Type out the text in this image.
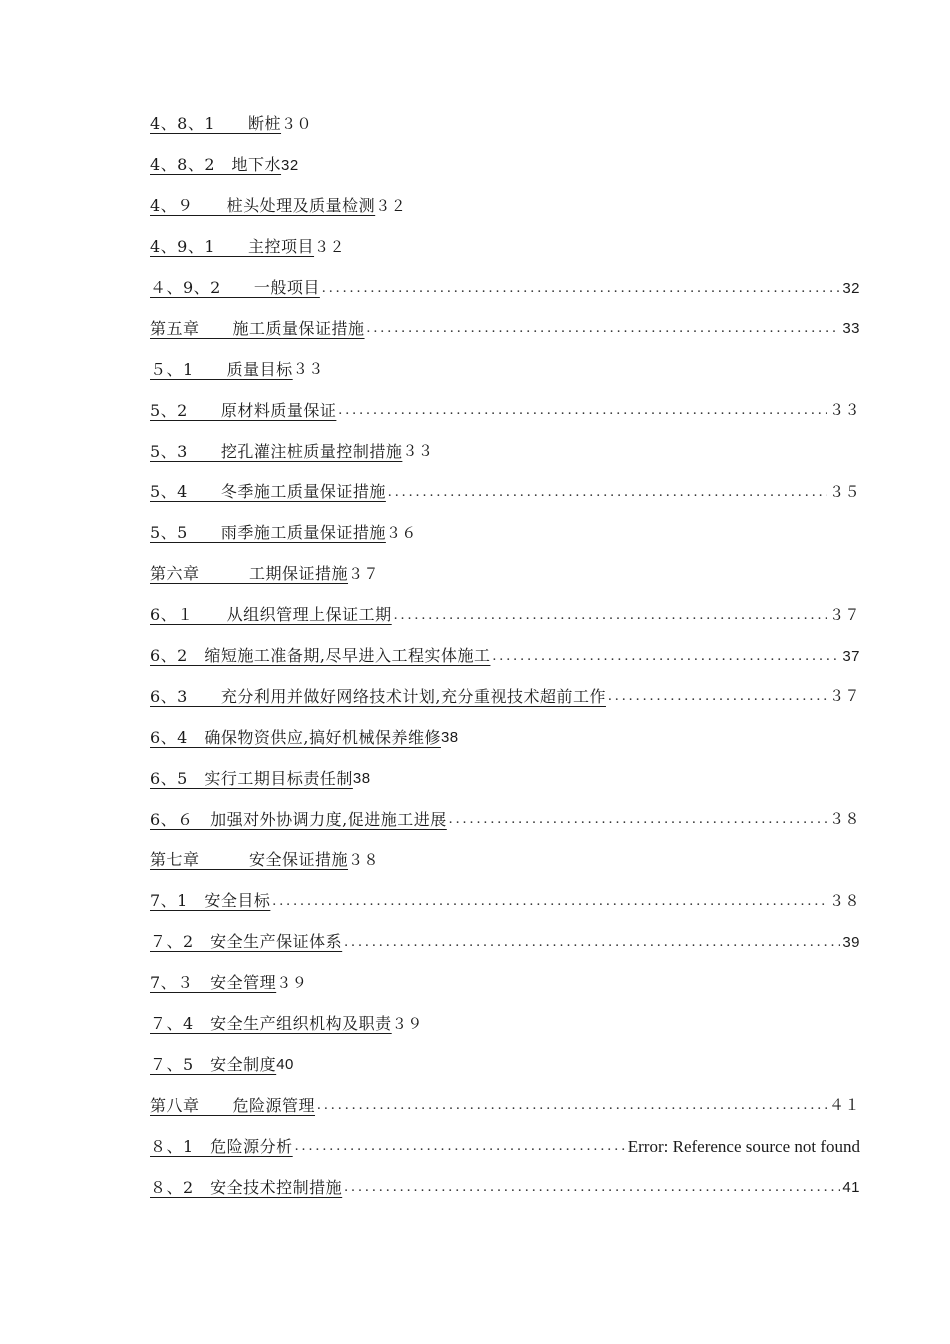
4、8、1　　断桩 ３０
4、8、2　地下水 32
4、９　　桩头处理及质量检测 ３２
4、9、1　　主控项目 ３２
４、9、2　　一般项目 .....	32
第五章　　施工质量保证措施 .....	33
５、1　　质量目标 ３３
5、2　　原材料质量保证 .....	３３
5、3　　挖孔灌注桩质量控制措施 ３３
5、4　　冬季施工质量保证措施 .....	３５
5、5　　雨季施工质量保证措施 ３６
第六章　　　工期保证措施 ３７
6、１　　从组织管理上保证工期 .....	３７
6、2　缩短施工准备期,尽早进入工程实体施工 .....	37
6、3　　充分利用并做好网络技术计划,充分重视技术超前工作 .....	３７
6、4　确保物资供应,搞好机械保养维修 38
6、5　实行工期目标责任制 38
6、６　加强对外协调力度,促进施工进展 .....	３８
第七章　　　安全保证措施 ３８
7、1　安全目标 .....	３８
７、2　安全生产保证体系 .....	39
7、３　安全管理 ３９
７、4　安全生产组织机构及职责 ３９
７、5　安全制度 40
第八章　　危险源管理 .....	４１
８、1　危险源分析 .....	Error: Reference source not found
８、2　安全技术控制措施 .....	41
